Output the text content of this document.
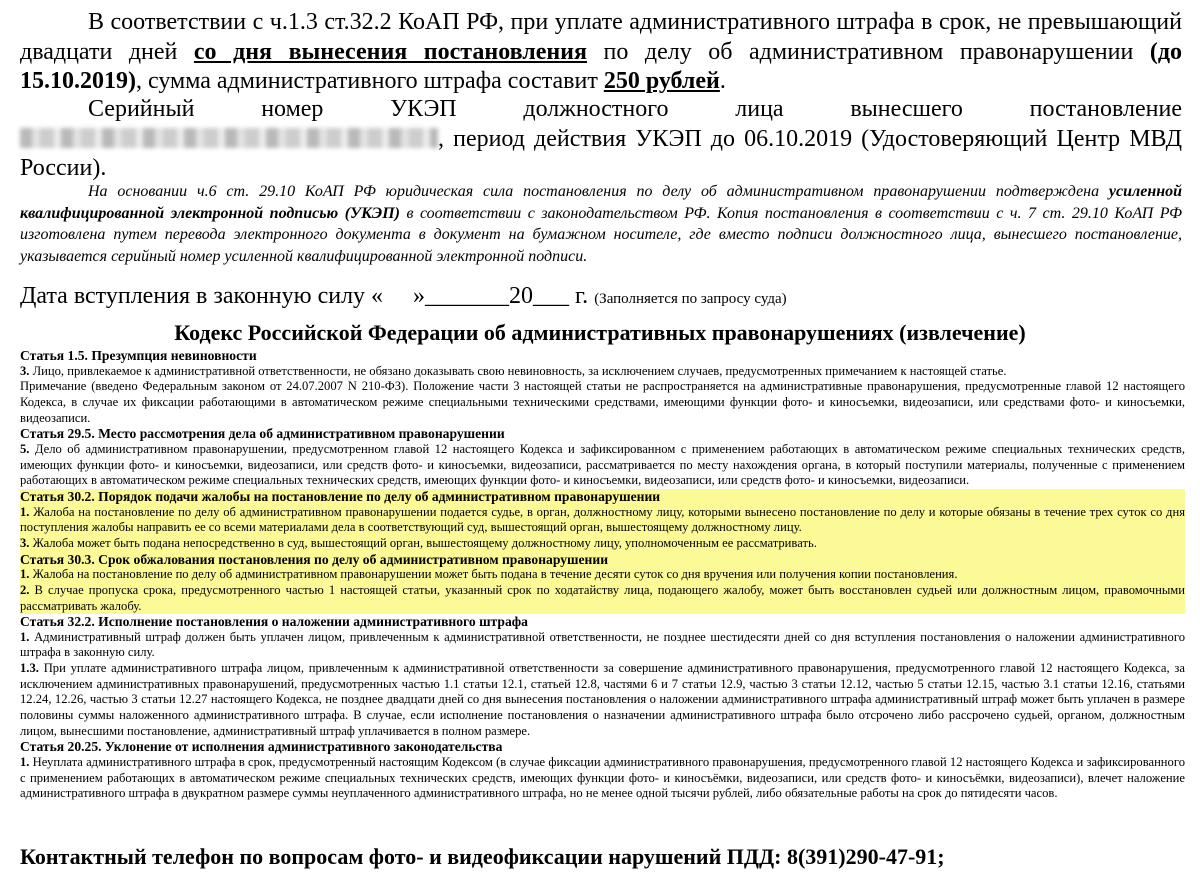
В соответствии с ч.1.3 ст.32.2 КоАП РФ, при уплате административного штрафа в срок, не превышающий двадцати дней со дня вынесения постановления по делу об административном правонарушении (до 15.10.2019), сумма административного штрафа составит 250 рублей.
Серийный номер УКЭП должностного лица вынесшего постановление
, период действия УКЭП до 06.10.2019 (Удостоверяющий Центр МВД России).
На основании ч.6 ст. 29.10 КоАП РФ юридическая сила постановления по делу об административном правонарушении подтверждена усиленной квалифицированной электронной подписью (УКЭП) в соответствии с законодательством РФ. Копия постановления в соответствии с ч. 7 ст. 29.10 КоАП РФ изготовлена путем перевода электронного документа в документ на бумажном носителе, где вместо подписи должностного лица, вынесшего постановление, указывается серийный номер усиленной квалифицированной электронной подписи.
Дата вступления в законную силу «     »_______20___ г. (Заполняется по запросу суда)
Кодекс Российской Федерации об административных правонарушениях (извлечение)

Статья 1.5. Презумпция невиновности

3. Лицо, привлекаемое к административной ответственности, не обязано доказывать свою невиновность, за исключением случаев, предусмотренных примечанием к настоящей статье.

Примечание (введено Федеральным законом от 24.07.2007 N 210-ФЗ). Положение части 3 настоящей статьи не распространяется на административные правонарушения, предусмотренные главой 12 настоящего Кодекса, в случае их фиксации работающими в автоматическом режиме специальными техническими средствами, имеющими функции фото- и киносъемки, видеозаписи, или средствами фото- и киносъемки, видеозаписи.

Статья 29.5. Место рассмотрения дела об административном правонарушении

5. Дело об административном правонарушении, предусмотренном главой 12 настоящего Кодекса и зафиксированном с применением работающих в автоматическом режиме специальных технических средств, имеющих функции фото- и киносъемки, видеозаписи, или средств фото- и киносъемки, видеозаписи, рассматривается по месту нахождения органа, в который поступили материалы, полученные с применением работающих в автоматическом режиме специальных технических средств, имеющих функции фото- и киносъемки, видеозаписи, или средств фото- и киносъемки, видеозаписи.

Статья 30.2. Порядок подачи жалобы на постановление по делу об административном правонарушении

1. Жалоба на постановление по делу об административном правонарушении подается судье, в орган, должностному лицу, которыми вынесено постановление по делу и которые обязаны в течение трех суток со дня поступления жалобы направить ее со всеми материалами дела в соответствующий суд, вышестоящий орган, вышестоящему должностному лицу.

3. Жалоба может быть подана непосредственно в суд, вышестоящий орган, вышестоящему должностному лицу, уполномоченным ее рассматривать.

Статья 30.3. Срок обжалования постановления по делу об административном правонарушении

1. Жалоба на постановление по делу об административном правонарушении может быть подана в течение десяти суток со дня вручения или получения копии постановления.

2. В случае пропуска срока, предусмотренного частью 1 настоящей статьи, указанный срок по ходатайству лица, подающего жалобу, может быть восстановлен судьей или должностным лицом, правомочными рассматривать жалобу.

Статья 32.2. Исполнение постановления о наложении административного штрафа

1. Административный штраф должен быть уплачен лицом, привлеченным к административной ответственности, не позднее шестидесяти дней со дня вступления постановления о наложении административного штрафа в законную силу.

1.3. При уплате административного штрафа лицом, привлеченным к административной ответственности за совершение административного правонарушения, предусмотренного главой 12 настоящего Кодекса, за исключением административных правонарушений, предусмотренных частью 1.1 статьи 12.1, статьей 12.8, частями 6 и 7 статьи 12.9, частью 3 статьи 12.12, частью 5 статьи 12.15, частью 3.1 статьи 12.16, статьями 12.24, 12.26, частью 3 статьи 12.27 настоящего Кодекса, не позднее двадцати дней со дня вынесения постановления о наложении административного штрафа административный штраф может быть уплачен в размере половины суммы наложенного административного штрафа. В случае, если исполнение постановления о назначении административного штрафа было отсрочено либо рассрочено судьей, органом, должностным лицом, вынесшими постановление, административный штраф уплачивается в полном размере.

Статья 20.25. Уклонение от исполнения административного законодательства

1. Неуплата административного штрафа в срок, предусмотренный настоящим Кодексом (в случае фиксации административного правонарушения, предусмотренного главой 12 настоящего Кодекса и зафиксированного с применением работающих в автоматическом режиме специальных технических средств, имеющих функции фото- и киносъёмки, видеозаписи, или средств фото- и киносъёмки, видеозаписи), влечет наложение административного штрафа в двукратном размере суммы неуплаченного административного штрафа, но не менее одной тысячи рублей, либо обязательные работы на срок до пятидесяти часов.

Контактный телефон по вопросам фото- и видеофиксации нарушений ПДД: 8(391)290-47-91;
